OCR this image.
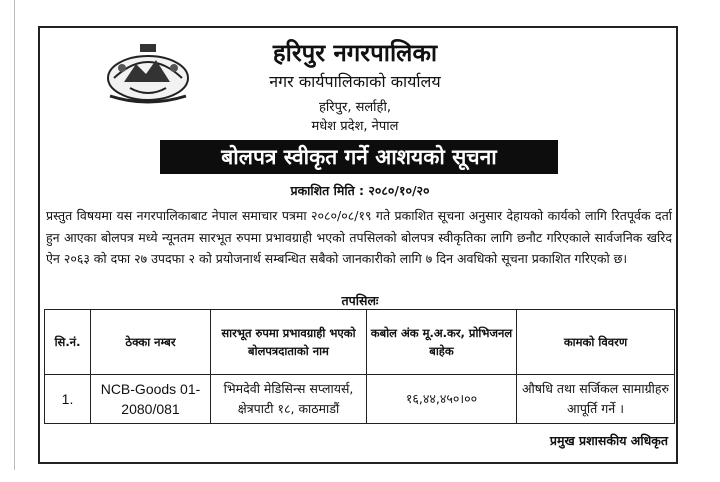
हरिपुर नगरपालिका
नगर कार्यपालिकाको कार्यालय
हरिपुर, सर्लाही,
मधेश प्रदेश, नेपाल
बोलपत्र स्वीकृत गर्ने आशयको सूचना
प्रकाशित मिति : २०८०/१०/२०
प्रस्तुत विषयमा यस नगरपालिकाबाट नेपाल समाचार पत्रमा २०८०/०८/१९ गते प्रकाशित सूचना अनुसार देहायको कार्यको लागि रितपूर्वक दर्ता हुन आएका बोलपत्र मध्ये न्यूनतम सारभूत रुपमा प्रभावग्राही भएको तपसिलको बोलपत्र स्वीकृतिका लागि छनौट गरिएकाले सार्वजनिक खरिद ऐन २०६३ को दफा २७ उपदफा २ को प्रयोजनार्थ सम्बन्धित सबैको जानकारीको लागि ७ दिन अवधिको सूचना प्रकाशित गरिएको छ।
तपसिलः
सि.नं.	ठेक्का नम्बर	सारभूत रुपमा प्रभावग्राही भएको बोलपत्रदाताको नाम	कबोल अंक मू.अ.कर, प्रोभिजनल बाहेक	कामको विवरण
1.	NCB-Goods 01-2080/081	भिमदेवी मेडिसिन्स सप्लायर्स, क्षेत्रपाटी १८, काठमाडौं	१६,४४,४५०।००	औषधि तथा सर्जिकल सामाग्रीहरु आपूर्ति गर्ने ।
प्रमुख प्रशासकीय अधिकृत
